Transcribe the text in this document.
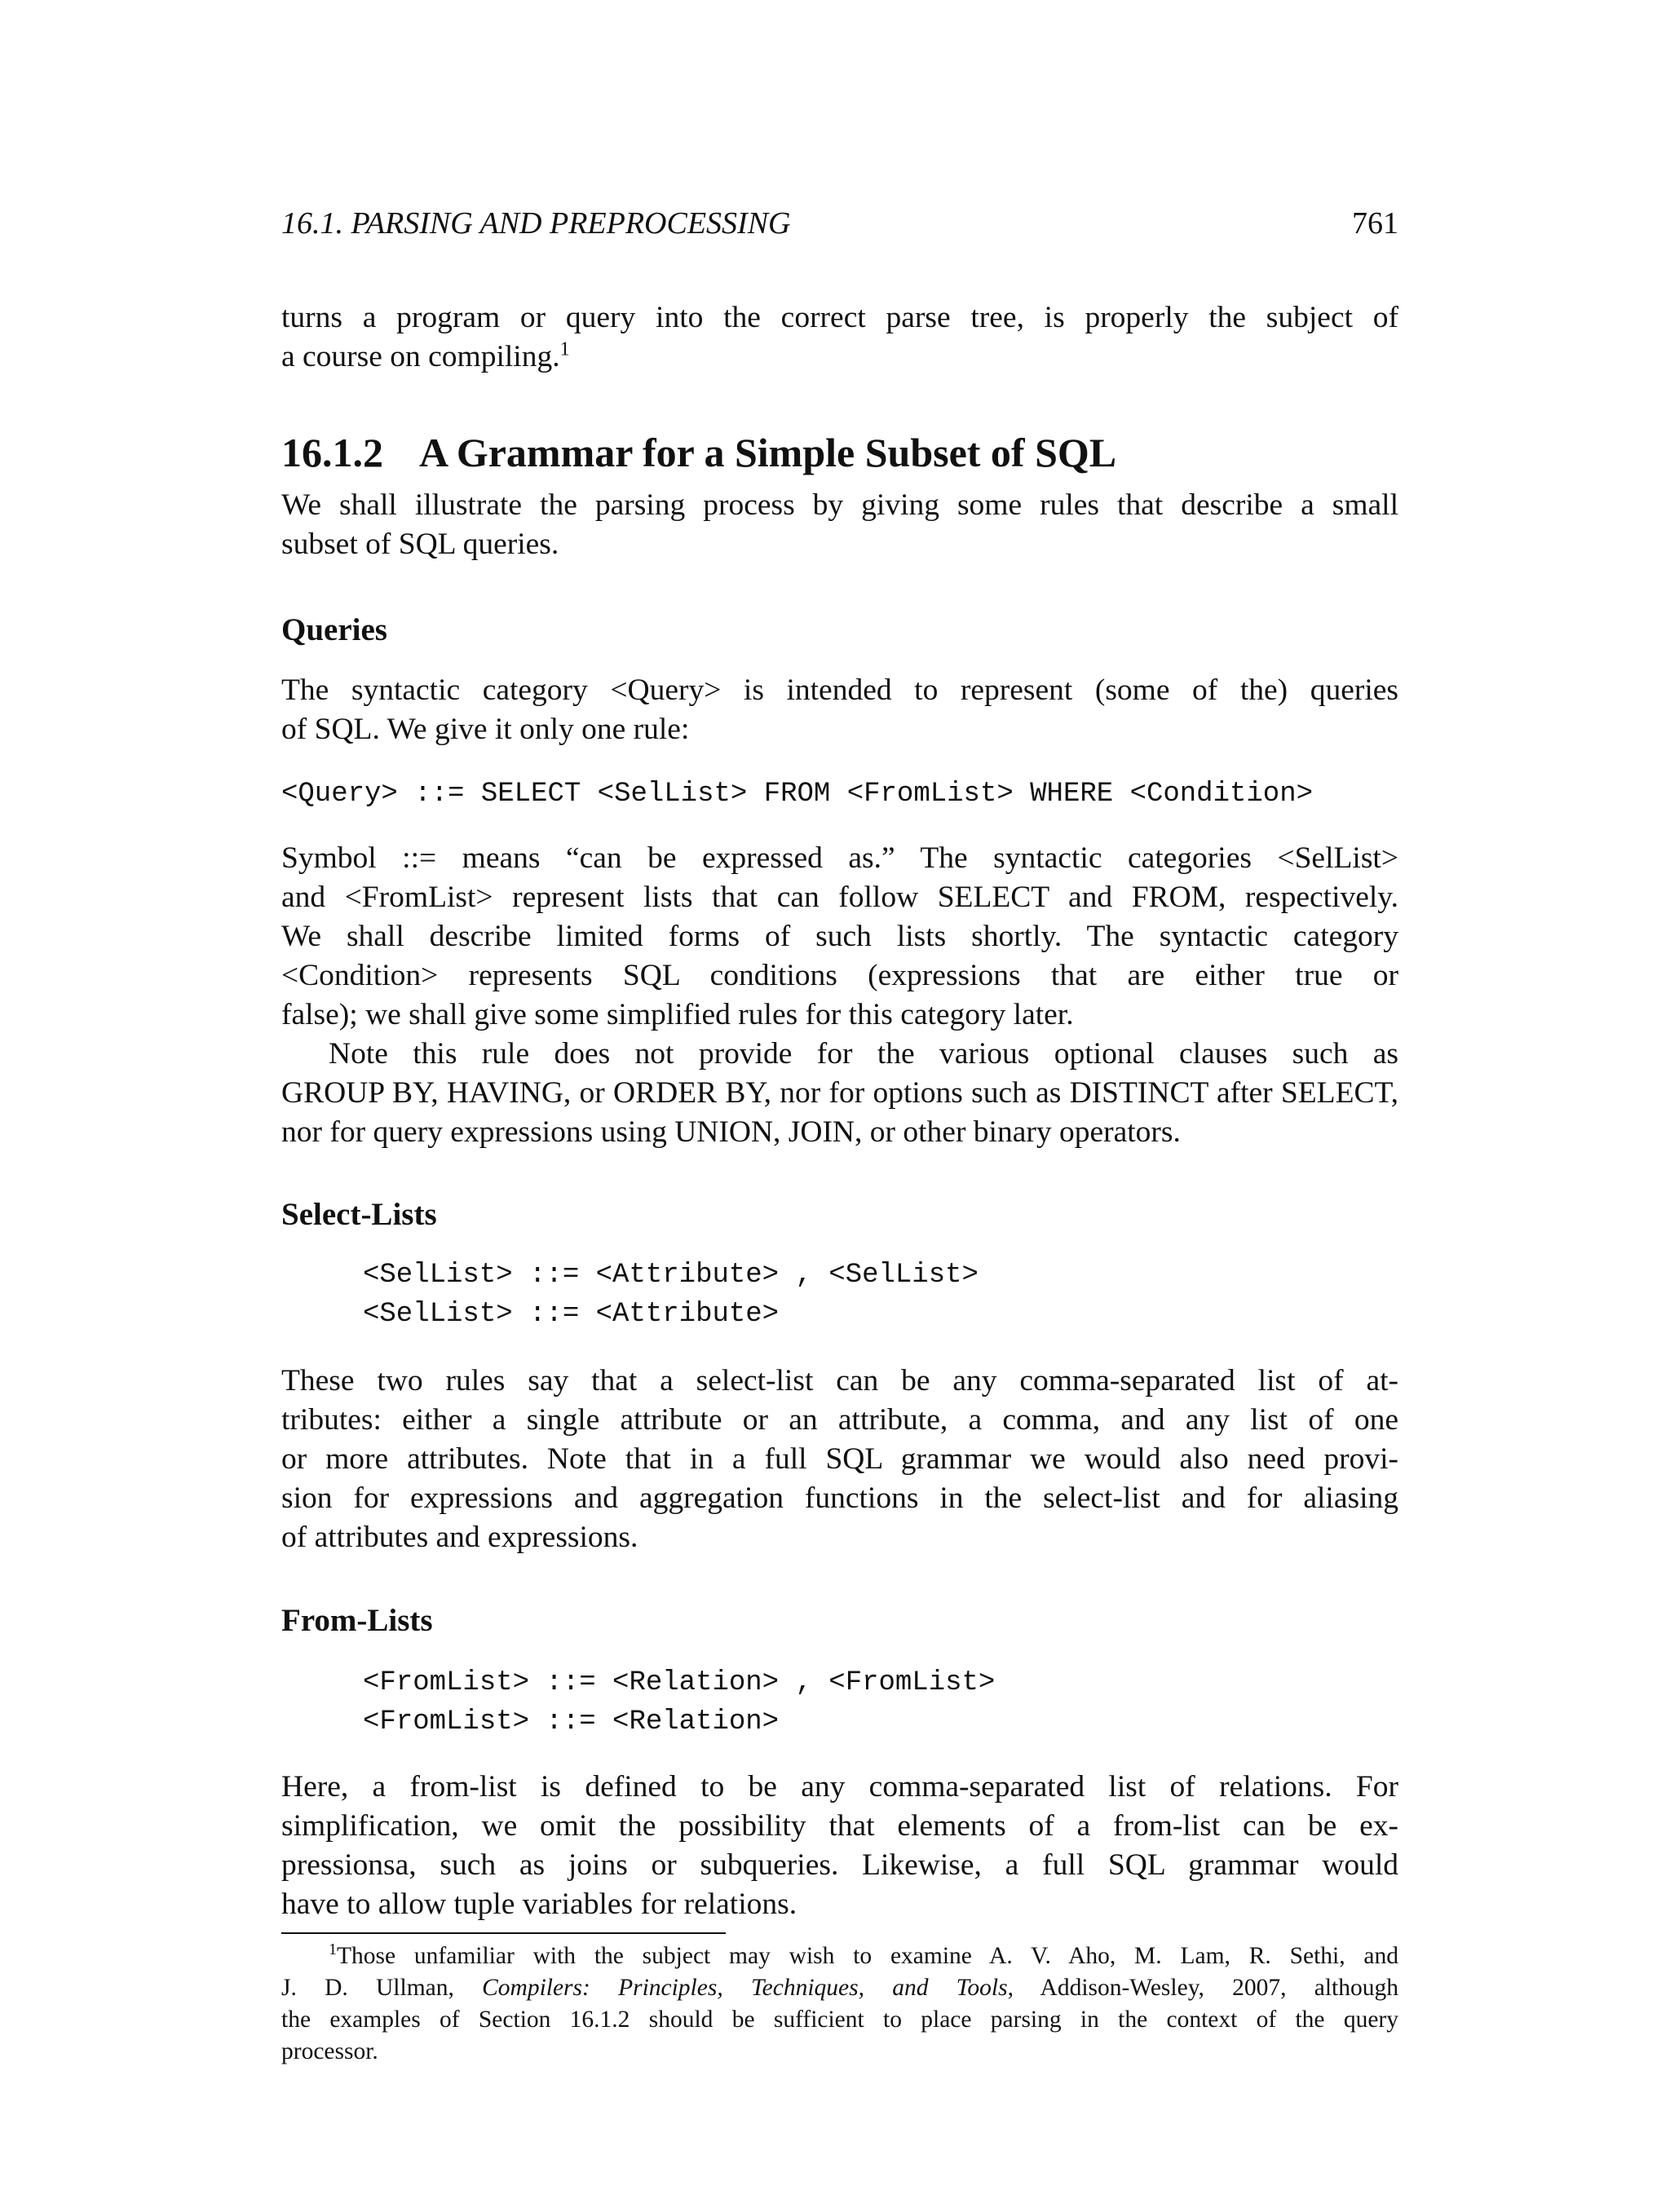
16.1. PARSING AND PREPROCESSING	761
turns a program or query into the correct parse tree, is properly the subject of
a course on compiling.$^1$
16.1.2 A Grammar for a Simple Subset of SQL
We shall illustrate the parsing process by giving some rules that describe a small
subset of SQL queries.
Queries
The syntactic category <Query> is intended to represent (some of the) queries
of SQL. We give it only one rule:
<Query> ::= SELECT <SelList> FROM <FromList> WHERE <Condition>
Symbol ::= means “can be expressed as.” The syntactic categories <SelList>
and <FromList> represent lists that can follow SELECT and FROM, respectively.
We shall describe limited forms of such lists shortly. The syntactic category
<Condition> represents SQL conditions (expressions that are either true or
false); we shall give some simplified rules for this category later.
Note this rule does not provide for the various optional clauses such as
GROUP BY, HAVING, or ORDER BY, nor for options such as DISTINCT after SELECT,
nor for query expressions using UNION, JOIN, or other binary operators.
Select-Lists
<SelList> ::= <Attribute> , <SelList>
<SelList> ::= <Attribute>
These two rules say that a select-list can be any comma-separated list of at-
tributes: either a single attribute or an attribute, a comma, and any list of one
or more attributes. Note that in a full SQL grammar we would also need provi-
sion for expressions and aggregation functions in the select-list and for aliasing
of attributes and expressions.
From-Lists
<FromList> ::= <Relation> , <FromList>
<FromList> ::= <Relation>
Here, a from-list is defined to be any comma-separated list of relations. For
simplification, we omit the possibility that elements of a from-list can be ex-
pressionsa, such as joins or subqueries. Likewise, a full SQL grammar would
have to allow tuple variables for relations.
$^1$Those unfamiliar with the subject may wish to examine A. V. Aho, M. Lam, R. Sethi, and
J. D. Ullman, Compilers: Principles, Techniques, and Tools, Addison-Wesley, 2007, although
the examples of Section 16.1.2 should be sufficient to place parsing in the context of the query
processor.
